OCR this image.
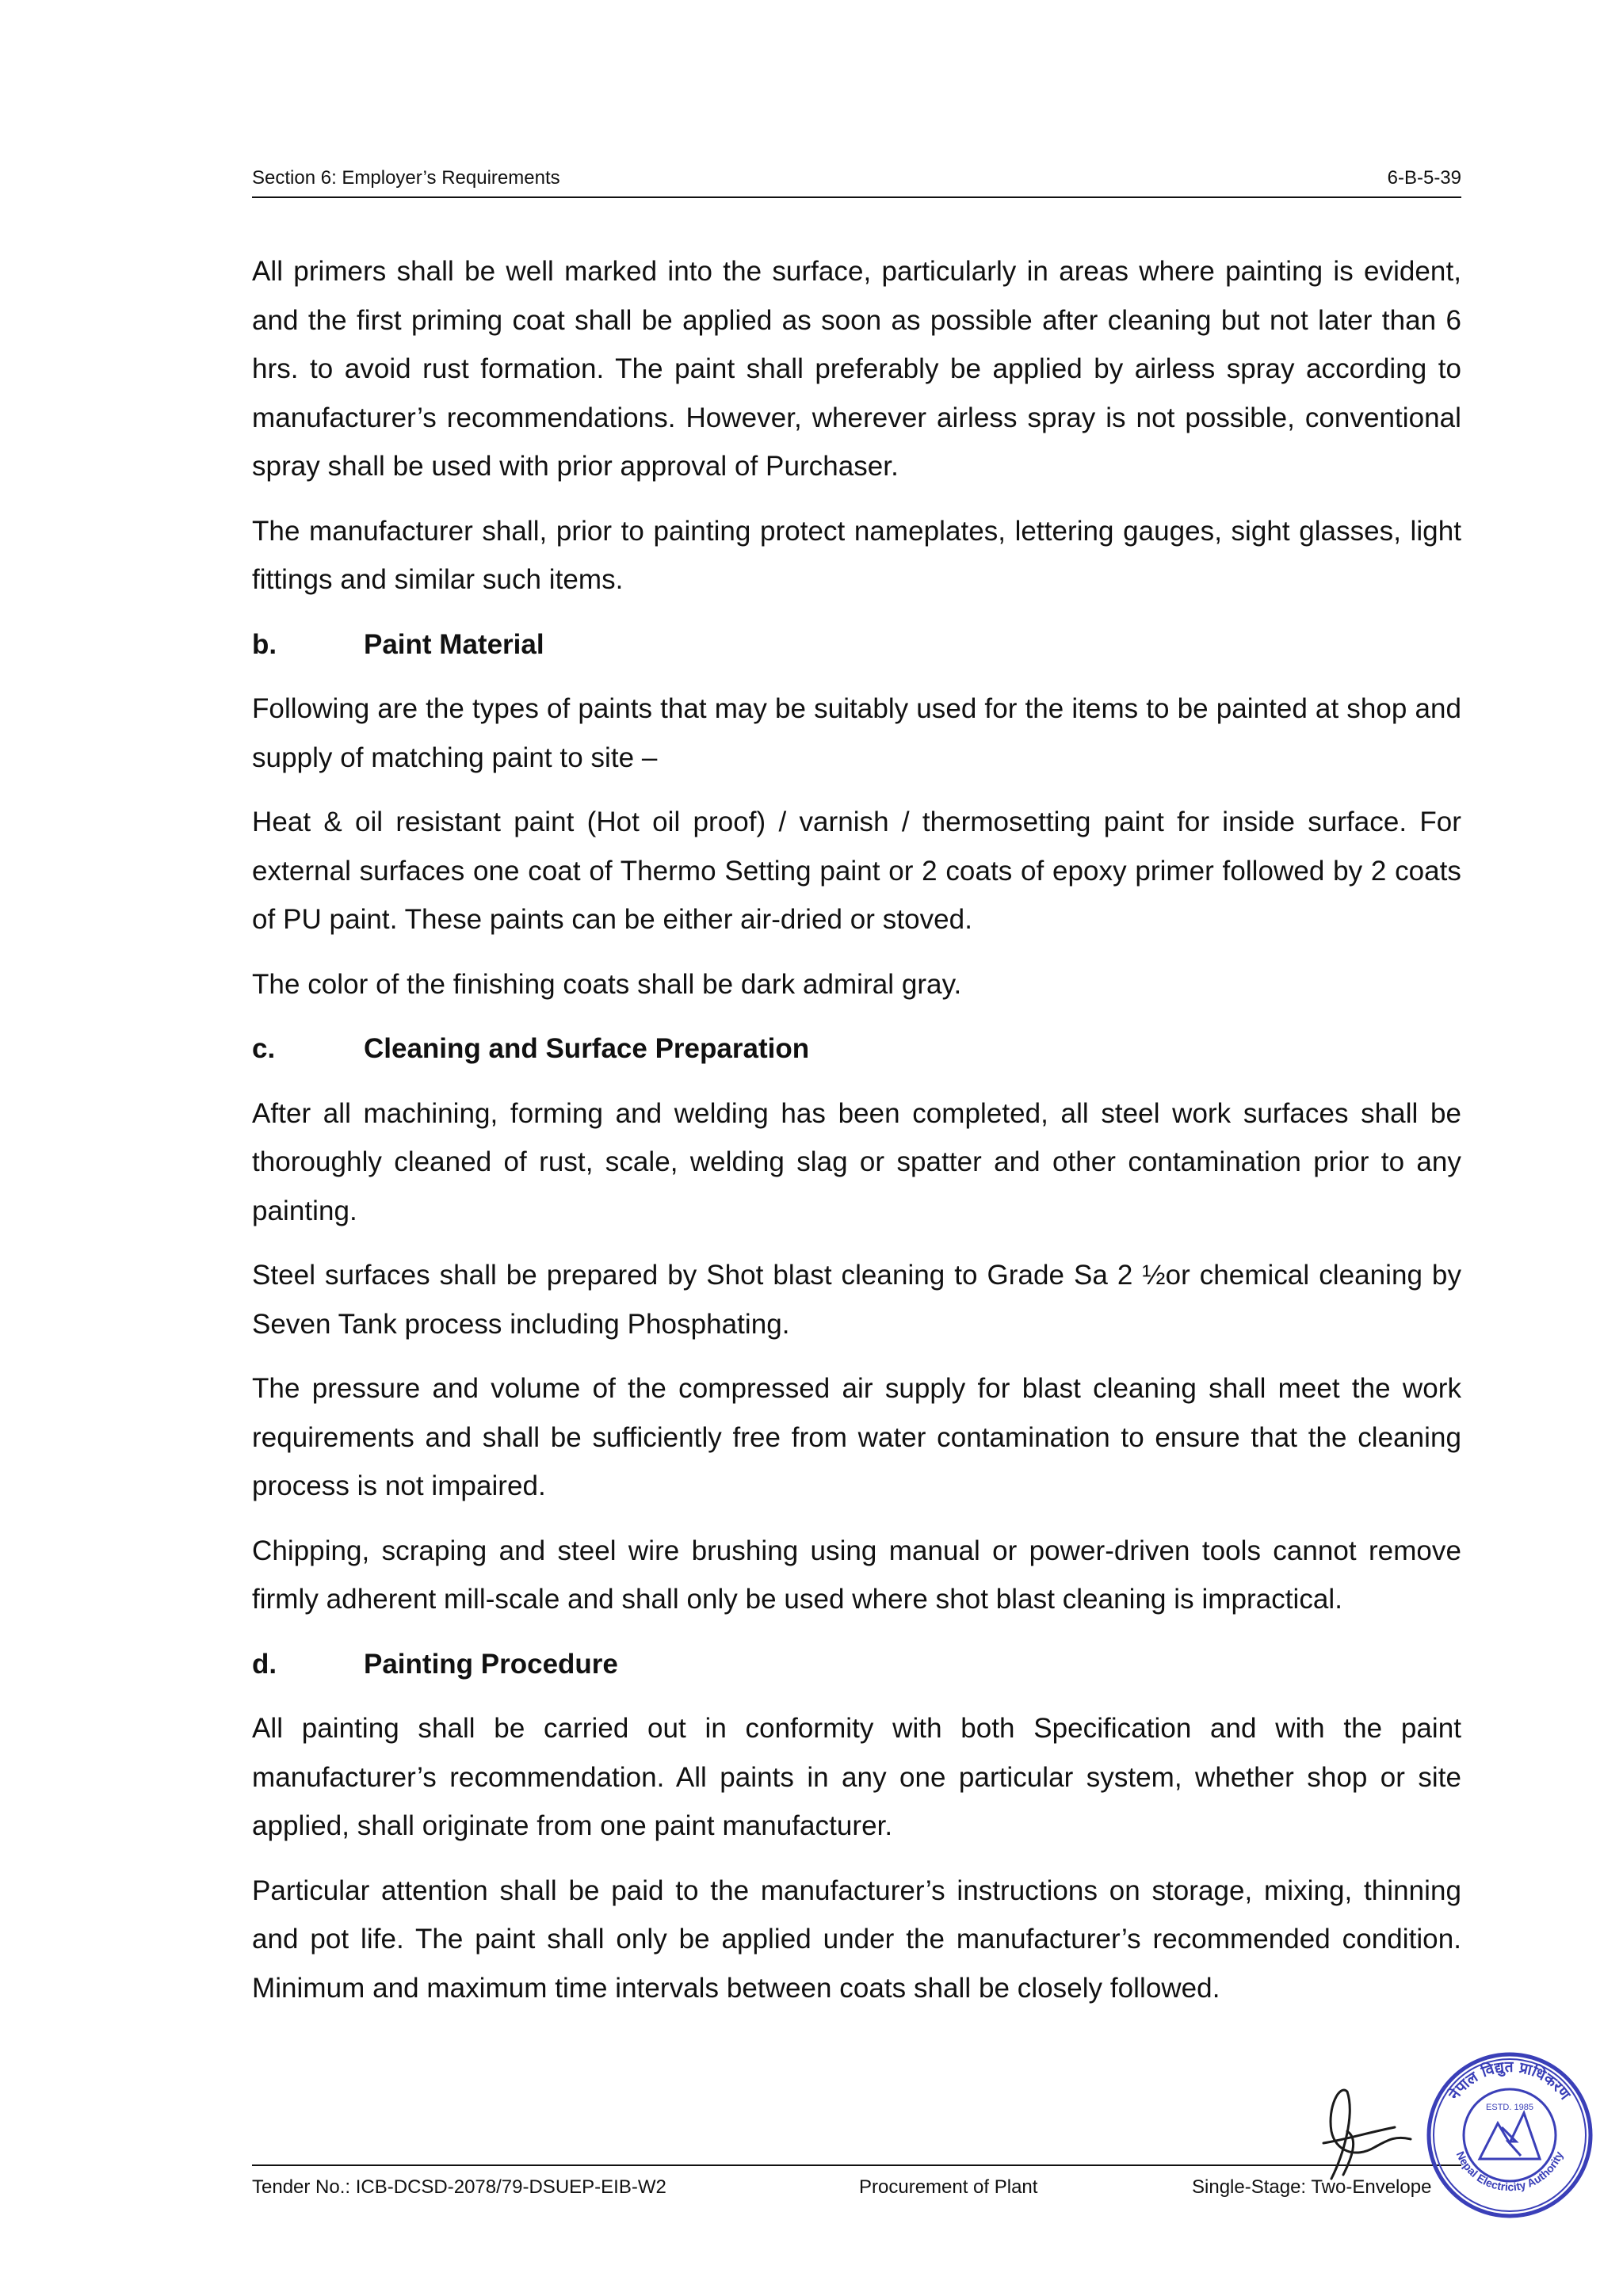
Section 6: Employer’s Requirements	6-B-5-39

All primers shall be well marked into the surface, particularly in areas where painting is evident, and the first priming coat shall be applied as soon as possible after cleaning but not later than 6 hrs. to avoid rust formation. The paint shall preferably be applied by airless spray according to manufacturer’s recommendations. However, wherever airless spray is not possible, conventional spray shall be used with prior approval of Purchaser.

The manufacturer shall, prior to painting protect nameplates, lettering gauges, sight glasses, light fittings and similar such items.

b.	Paint Material

Following are the types of paints that may be suitably used for the items to be painted at shop and supply of matching paint to site –

Heat & oil resistant paint (Hot oil proof) / varnish / thermosetting paint for inside surface. For external surfaces one coat of Thermo Setting paint or 2 coats of epoxy primer followed by 2 coats of PU paint. These paints can be either air-dried or stoved.

The color of the finishing coats shall be dark admiral gray.

c.	Cleaning and Surface Preparation

After all machining, forming and welding has been completed, all steel work surfaces shall be thoroughly cleaned of rust, scale, welding slag or spatter and other contamination prior to any painting.

Steel surfaces shall be prepared by Shot blast cleaning to Grade Sa 2 ½or chemical cleaning by Seven Tank process including Phosphating.

The pressure and volume of the compressed air supply for blast cleaning shall meet the work requirements and shall be sufficiently free from water contamination to ensure that the cleaning process is not impaired.

Chipping, scraping and steel wire brushing using manual or power-driven tools cannot remove firmly adherent mill-scale and shall only be used where shot blast cleaning is impractical.

d.	Painting Procedure

All painting shall be carried out in conformity with both Specification and with the paint manufacturer’s recommendation. All paints in any one particular system, whether shop or site applied, shall originate from one paint manufacturer.

Particular attention shall be paid to the manufacturer’s instructions on storage, mixing, thinning and pot life. The paint shall only be applied under the manufacturer’s recommended condition. Minimum and maximum time intervals between coats shall be closely followed.

Tender No.: ICB-DCSD-2078/79-DSUEP-EIB-W2	Procurement of Plant	Single-Stage: Two-Envelope
नेपाल विद्युत प्राधिकरण
Nepal Electricity Authority
ESTD. 1985
